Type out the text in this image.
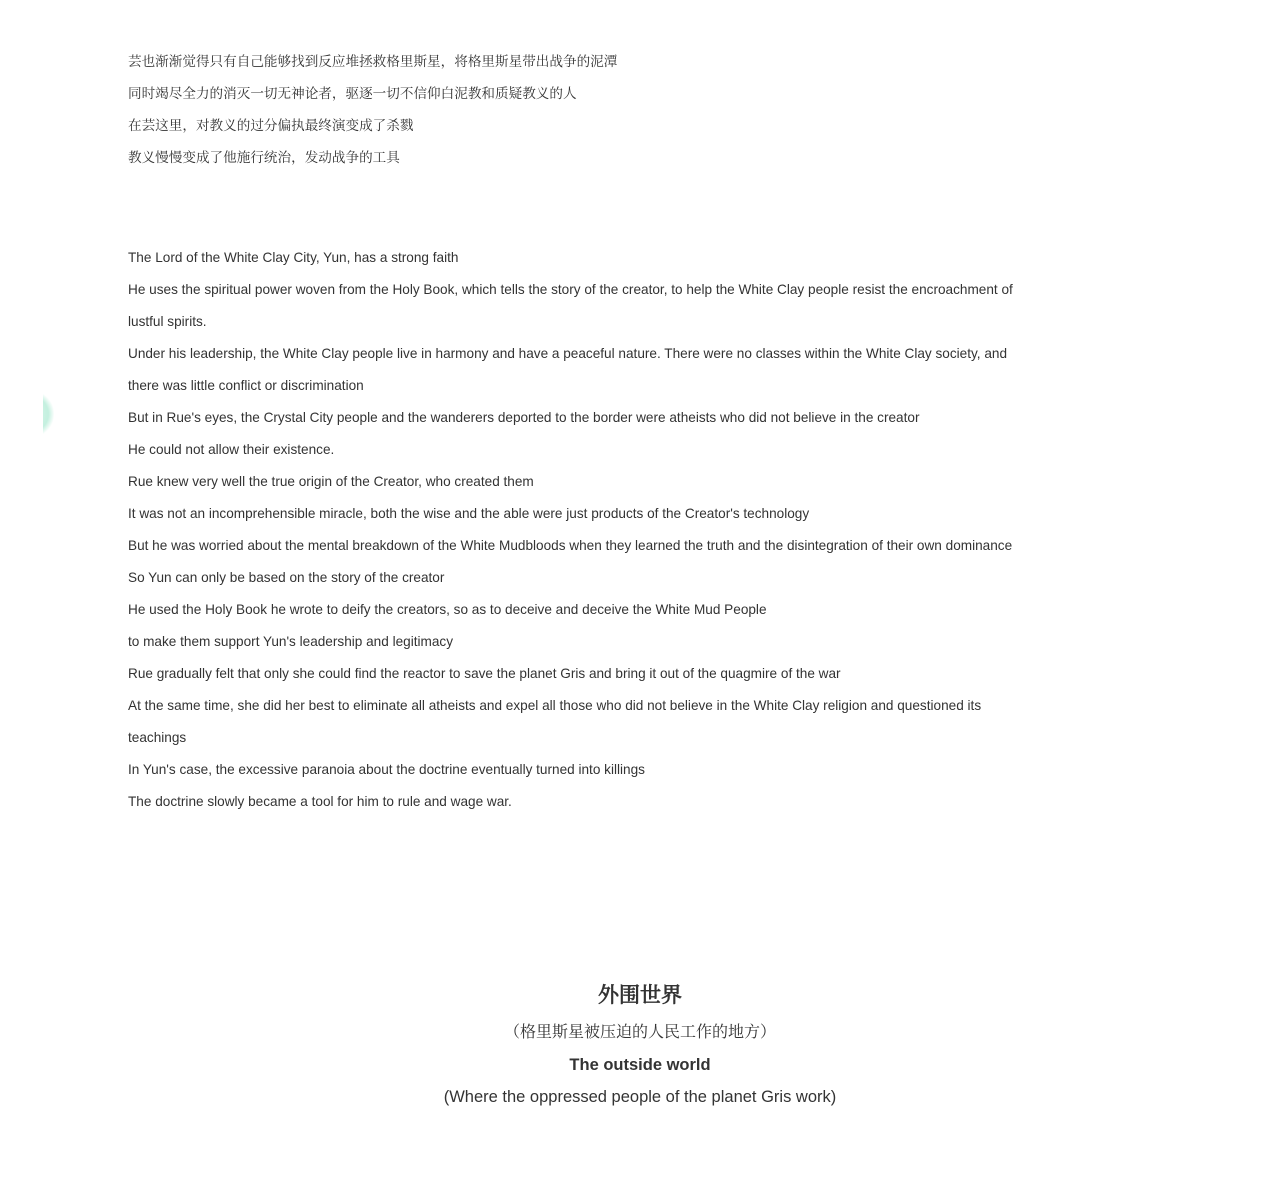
芸也渐渐觉得只有自己能够找到反应堆拯救格里斯星，将格里斯星带出战争的泥潭

同时竭尽全力的消灭一切无神论者，驱逐一切不信仰白泥教和质疑教义的人

在芸这里，对教义的过分偏执最终演变成了杀戮

教义慢慢变成了他施行统治，发动战争的工具

The Lord of the White Clay City, Yun, has a strong faith

He uses the spiritual power woven from the Holy Book, which tells the story of the creator, to help the White Clay people resist the encroachment of lustful spirits.

Under his leadership, the White Clay people live in harmony and have a peaceful nature. There were no classes within the White Clay society, and there was little conflict or discrimination

But in Rue's eyes, the Crystal City people and the wanderers deported to the border were atheists who did not believe in the creator

He could not allow their existence.

Rue knew very well the true origin of the Creator, who created them

It was not an incomprehensible miracle, both the wise and the able were just products of the Creator's technology

But he was worried about the mental breakdown of the White Mudbloods when they learned the truth and the disintegration of their own dominance

So Yun can only be based on the story of the creator

He used the Holy Book he wrote to deify the creators, so as to deceive and deceive the White Mud People

to make them support Yun's leadership and legitimacy

Rue gradually felt that only she could find the reactor to save the planet Gris and bring it out of the quagmire of the war

At the same time, she did her best to eliminate all atheists and expel all those who did not believe in the White Clay religion and questioned its teachings

In Yun's case, the excessive paranoia about the doctrine eventually turned into killings

The doctrine slowly became a tool for him to rule and wage war.

外围世界

（格里斯星被压迫的人民工作的地方）

The outside world

(Where the oppressed people of the planet Gris work)
